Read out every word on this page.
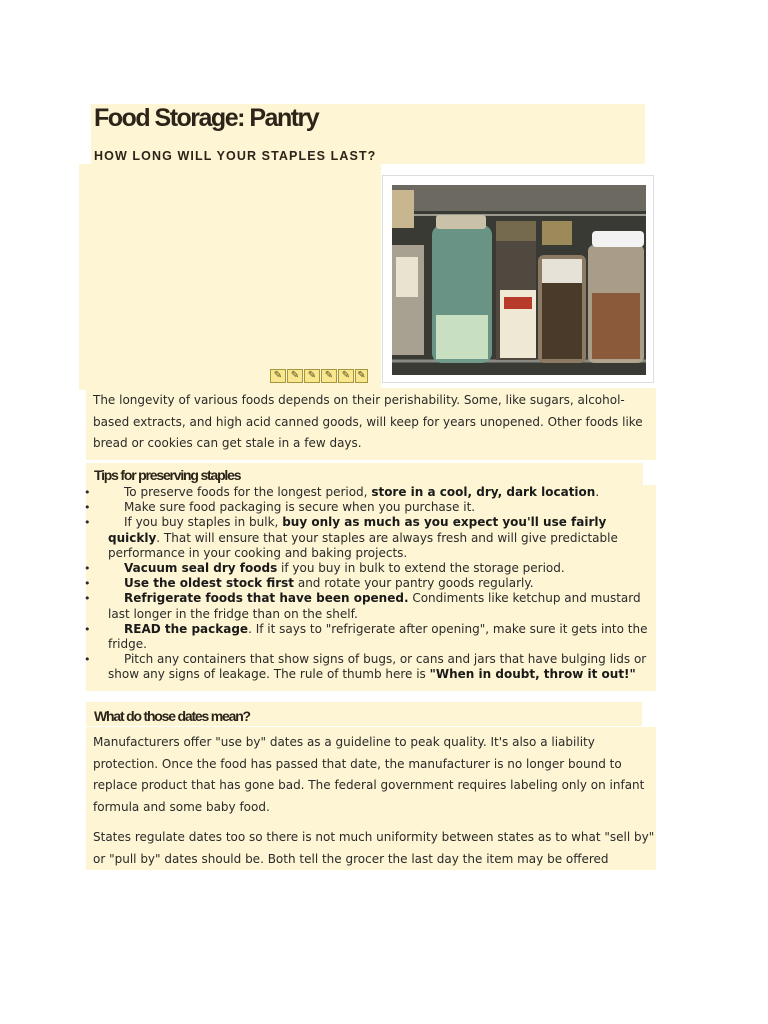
Food Storage: Pantry
HOW LONG WILL YOUR STAPLES LAST?
✎ ✎ ✎ ✎ ✎ ✎

The longevity of various foods depends on their perishability. Some, like sugars, alcohol-based extracts, and high acid canned goods, will keep for years unopened. Other foods like bread or cookies can get stale in a few days.

Tips for preserving staples
•	To preserve foods for the longest period, store in a cool, dry, dark location.
•	Make sure food packaging is secure when you purchase it.
•	If you buy staples in bulk, buy only as much as you expect you'll use fairly quickly. That will ensure that your staples are always fresh and will give predictable performance in your cooking and baking projects.
•	Vacuum seal dry foods if you buy in bulk to extend the storage period.
•	Use the oldest stock first and rotate your pantry goods regularly.
•	Refrigerate foods that have been opened. Condiments like ketchup and mustard last longer in the fridge than on the shelf.
•	READ the package. If it says to "refrigerate after opening", make sure it gets into the fridge.
•	Pitch any containers that show signs of bugs, or cans and jars that have bulging lids or show any signs of leakage. The rule of thumb here is "When in doubt, throw it out!"
What do those dates mean?

Manufacturers offer "use by" dates as a guideline to peak quality. It's also a liability protection. Once the food has passed that date, the manufacturer is no longer bound to replace product that has gone bad. The federal government requires labeling only on infant formula and some baby food.

States regulate dates too so there is not much uniformity between states as to what "sell by" or "pull by" dates should be. Both tell the grocer the last day the item may be offered
